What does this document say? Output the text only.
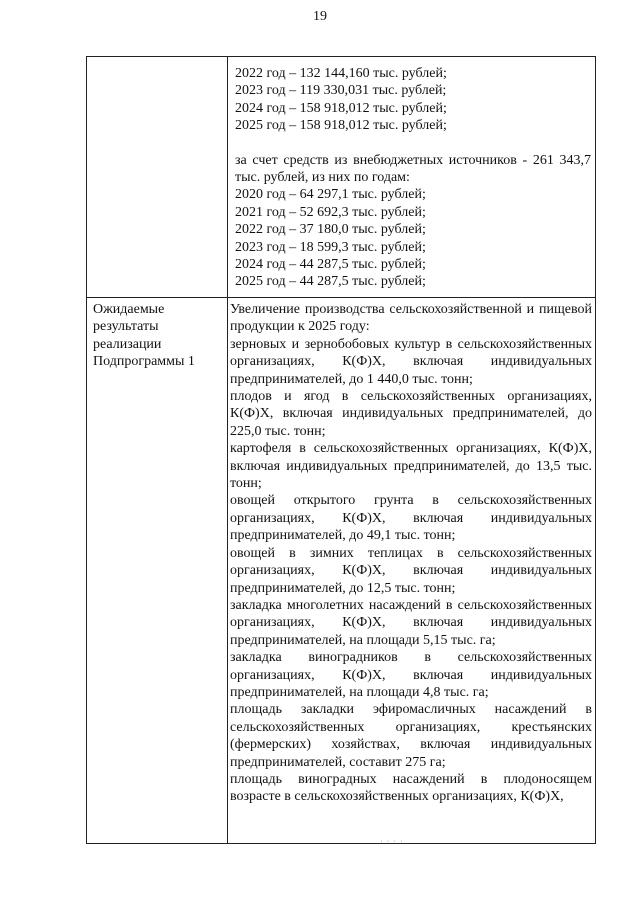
19
2022 год – 132 144,160 тыс. рублей;
2023 год – 119 330,031 тыс. рублей;
2024 год – 158 918,012 тыс. рублей;
2025 год – 158 918,012 тыс. рублей;
за счет средств из внебюджетных источников - 261 343,7 тыс. рублей, из них по годам:
2020 год – 64 297,1 тыс. рублей;
2021 год – 52 692,3 тыс. рублей;
2022 год – 37 180,0 тыс. рублей;
2023 год – 18 599,3 тыс. рублей;
2024 год – 44 287,5 тыс. рублей;
2025 год – 44 287,5 тыс. рублей;
Ожидаемые результаты реализации Подпрограммы 1
Увеличение производства сельскохозяйственной и пищевой продукции к 2025 году:
зерновых и зернобобовых культур в сельскохозяйственных организациях, К(Ф)Х, включая индивидуальных предпринимателей, до 1 440,0 тыс. тонн;
плодов и ягод в сельскохозяйственных организациях, К(Ф)Х, включая индивидуальных предпринимателей, до 225,0 тыс. тонн;
картофеля в сельскохозяйственных организациях, К(Ф)Х, включая индивидуальных предпринимателей, до 13,5 тыс. тонн;
овощей открытого грунта в сельскохозяйственных организациях, К(Ф)Х, включая индивидуальных предпринимателей, до 49,1 тыс. тонн;
овощей в зимних теплицах в сельскохозяйственных организациях, К(Ф)Х, включая индивидуальных предпринимателей, до 12,5 тыс. тонн;
закладка многолетних насаждений в сельскохозяйственных организациях, К(Ф)Х, включая индивидуальных предпринимателей, на площади 5,15 тыс. га;
закладка виноградников в сельскохозяйственных организациях, К(Ф)Х, включая индивидуальных предпринимателей, на площади 4,8 тыс. га;
площадь закладки эфиромасличных насаждений в сельскохозяйственных организациях, крестьянских (фермерских) хозяйствах, включая индивидуальных предпринимателей, составит 275 га;
площадь виноградных насаждений в плодоносящем возрасте в сельскохозяйственных организациях, К(Ф)Х,
˙ ˙ ˙ ˙
